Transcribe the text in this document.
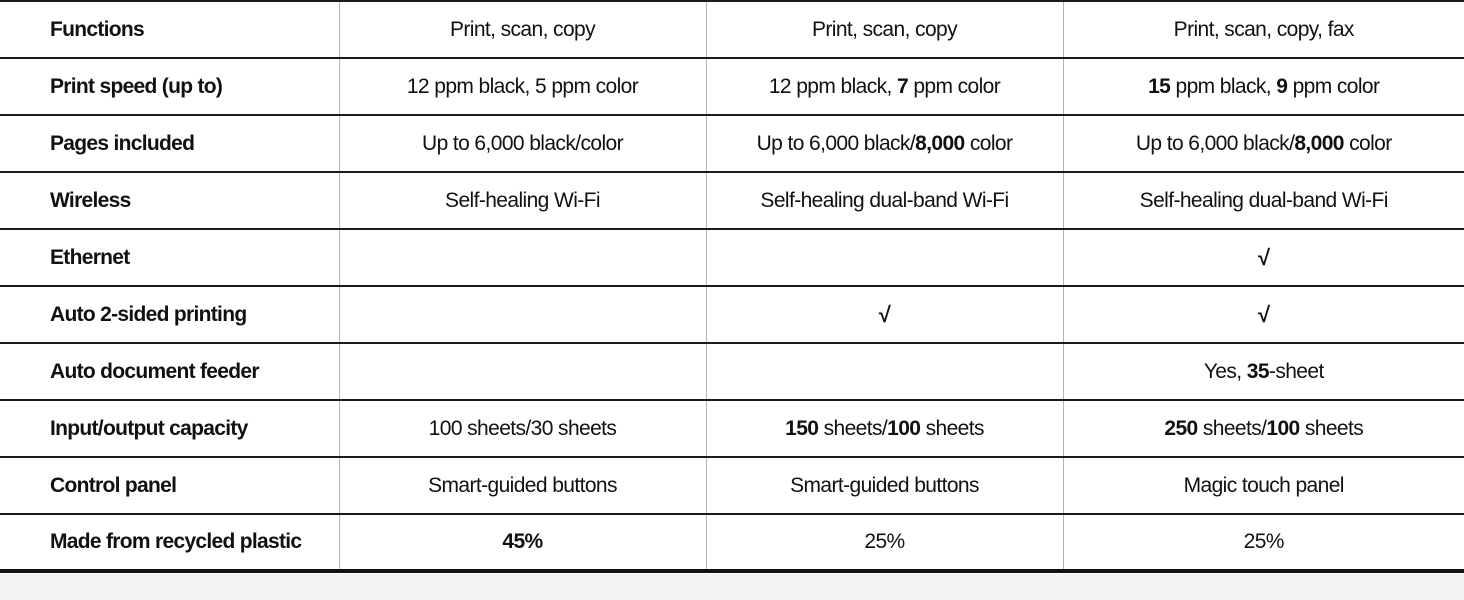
Functions	Print, scan, copy	Print, scan, copy	Print, scan, copy, fax
Print speed (up to)	12 ppm black, 5 ppm color	12 ppm black, 7 ppm color	15 ppm black, 9 ppm color
Pages included	Up to 6,000 black/color	Up to 6,000 black/8,000 color	Up to 6,000 black/8,000 color
Wireless	Self-healing Wi-Fi	Self-healing dual-band Wi-Fi	Self-healing dual-band Wi-Fi
Ethernet			√
Auto 2-sided printing		√	√
Auto document feeder			Yes, 35-sheet
Input/output capacity	100 sheets/30 sheets	150 sheets/100 sheets	250 sheets/100 sheets
Control panel	Smart-guided buttons	Smart-guided buttons	Magic touch panel
Made from recycled plastic	45%	25%	25%
